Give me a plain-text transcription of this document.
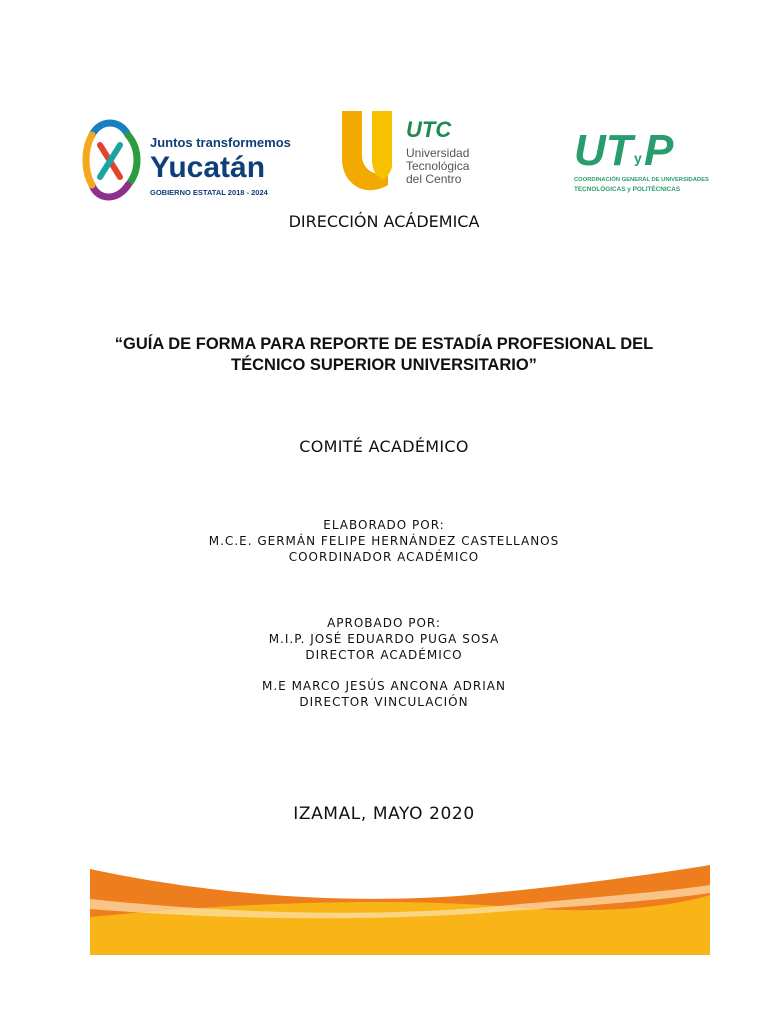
Juntos transformemos
Yucatán
GOBIERNO ESTATAL 2018 - 2024
UTC
Universidad
Tecnológica
del Centro
UT y P
COORDINACIÓN GENERAL DE UNIVERSIDADES
TECNOLÓGICAS y POLITÉCNICAS
DIRECCIÓN ACÁDEMICA
“GUÍA DE FORMA PARA REPORTE DE ESTADÍA PROFESIONAL DEL
TÉCNICO SUPERIOR UNIVERSITARIO”
COMITÉ ACADÉMICO
ELABORADO POR:
M.C.E. GERMÁN FELIPE HERNÁNDEZ CASTELLANOS
COORDINADOR ACADÉMICO
APROBADO POR:
M.I.P. JOSÉ EDUARDO PUGA SOSA
DIRECTOR ACADÉMICO
M.E MARCO JESÚS ANCONA ADRIAN
DIRECTOR VINCULACIÓN
IZAMAL, MAYO 2020
